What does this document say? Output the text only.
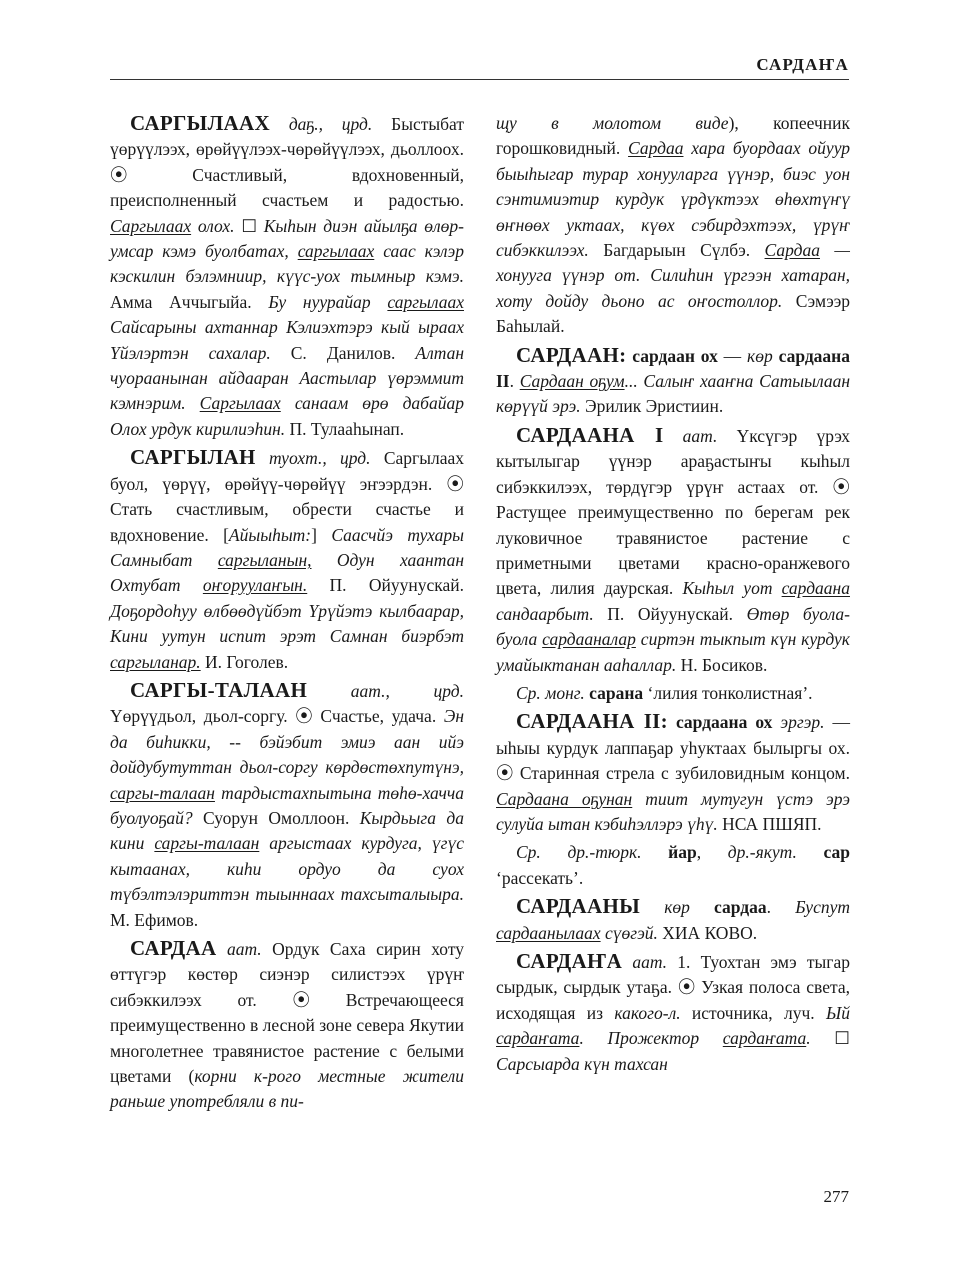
САРДАҤА

САРГЫЛААХ даҕ., црд. Быстыбат үөрүүлээх, өрөйүүлээх-чөрөйүүлээх, дьоллоох. ⦿ Счастливый, вдохновенный, преисполненный счастьем и радостью. Саргылаах олох. ☐ Кыһын диэн айылҕа өлөр-умсар кэмэ буолбатах, саргылаах саас кэлэр кэскилин бэлэмниир, күүс-уох тымныр кэмэ. Амма Аччыгыйа. Бу нуурайар саргылаах Сайсарыны ахтаннар Кэлиэхтэрэ кый ыраах Үйэлэртэн сахалар. С. Данилов. Алтан чуораанынан айдааран Аастылар үөрэммит кэмнэрим. Саргылаах санаам өрө дабайар Олох урдук кирилиэһин. П. Тулааһынап.

САРГЫЛАН туохт., црд. Саргылаах буол, үөрүү, өрөйүү-чөрөйүү эҥээрдэн. ⦿ Стать счастливым, обрести счастье и вдохновение. [Айыыһыт:] Саасчйэ тухары Самныбат саргыланын, Одун хаантан Охтубат оҥоруулаҥын. П. Ойуунускай. Доҕордоһуу өлбөөдүйбэт Үрүйэтэ кылбаарар, Кини уутун испит эрэт Самнан биэрбэт саргыланар. И. Гоголев.

САРГЫ-ТАЛААН аат., црд. Үөрүүдьол, дьол-соргу. ⦿ Счастье, удача. Эн да биһикки, -- бэйэбит эмиэ аан ийэ дойдубутуттан дьол-соргу көрдөстөхпутүнэ, саргы-талаан тардыстахпытына төһө-хачча буолуоҕай? Суорун Омоллоон. Кырдьыга да кини саргы-талаан аргыстаах курдуга, үгүс кытаанах, киһи ордуо да суох түбэлтэлэриттэн тыыннаах тахсыталыыра. М. Ефимов.

САРДАА аат. Ордук Саха сирин хоту өттүгэр көстөр сиэнэр силистээх үрүҥ сибэккилээх от. ⦿ Встречающееся преимущественно в лесной зоне севера Якутии многолетнее травянистое растение с белыми цветами (корни к-рого местные жители раньше употребляли в пи-

щу в молотом виде), копеечник горошковидный. Сардаа хара буордаах ойуур быыһыгар турар хонууларга үүнэр, биэс уон сэнтимиэтир курдук үрдүктээх өһөхтүҥү өҥнөөх уктаах, күөх сэбирдэхтээх, үрүҥ сибэккилээх. Багдарыын Сүлбэ. Сардаа — хонууга үүнэр от. Силиһин үргээн хатаран, хоту дойду дьоно ас оҥостоллор. Сэмээр Баһылай.

САРДААН: сардаан ох — көр сардаана II. Сардаан оҕум... Салыҥ хааҥна Сатыылаан көрүүй эрэ. Эрилик Эристиин.

САРДААНА I аат. Үксүгэр үрэх кытылыгар үүнэр араҕастыҥы кыһыл сибэккилээх, төрдүгэр үрүҥ астаах от. ⦿ Растущее преимущественно по берегам рек луковичное травянистое растение с приметными цветами красно-оранжевого цвета, лилия даурская. Кыһыл уот сардаана сандаарбыт. П. Ойуунускай. Өтөр буола-буола сардааналар сиртэн тыкпыт күн курдук умайыктанан ааһаллар. Н. Босиков.

Ср. монг. сарана ‘лилия тонколистная’.

САРДААНА II: сардаана ох эргэр. — ыһыы курдук лаппаҕар уһуктаах былыргы ох. ⦿ Старинная стрела с зубиловидным концом. Сардаана оҕунан тиит мутугун үстэ эрэ сулуйа ытан кэбиһэллэрэ үһү. НСА ПШЯП.

Ср. др.-тюрк. йар, др.-якут. сар ‘рассекать’.

САРДААНЫ көр сардаа. Буспут сардаанылаах сүөгэй. ХИА КОВО.

САРДАҤА аат. 1. Туохтан эмэ тыгар сырдык, сырдык утаҕа. ⦿ Узкая полоса света, исходящая из какого-л. источника, луч. Ый сардаҥата. Прожектор сардаҥата. ☐ Сарсыарда күн тахсан

277
